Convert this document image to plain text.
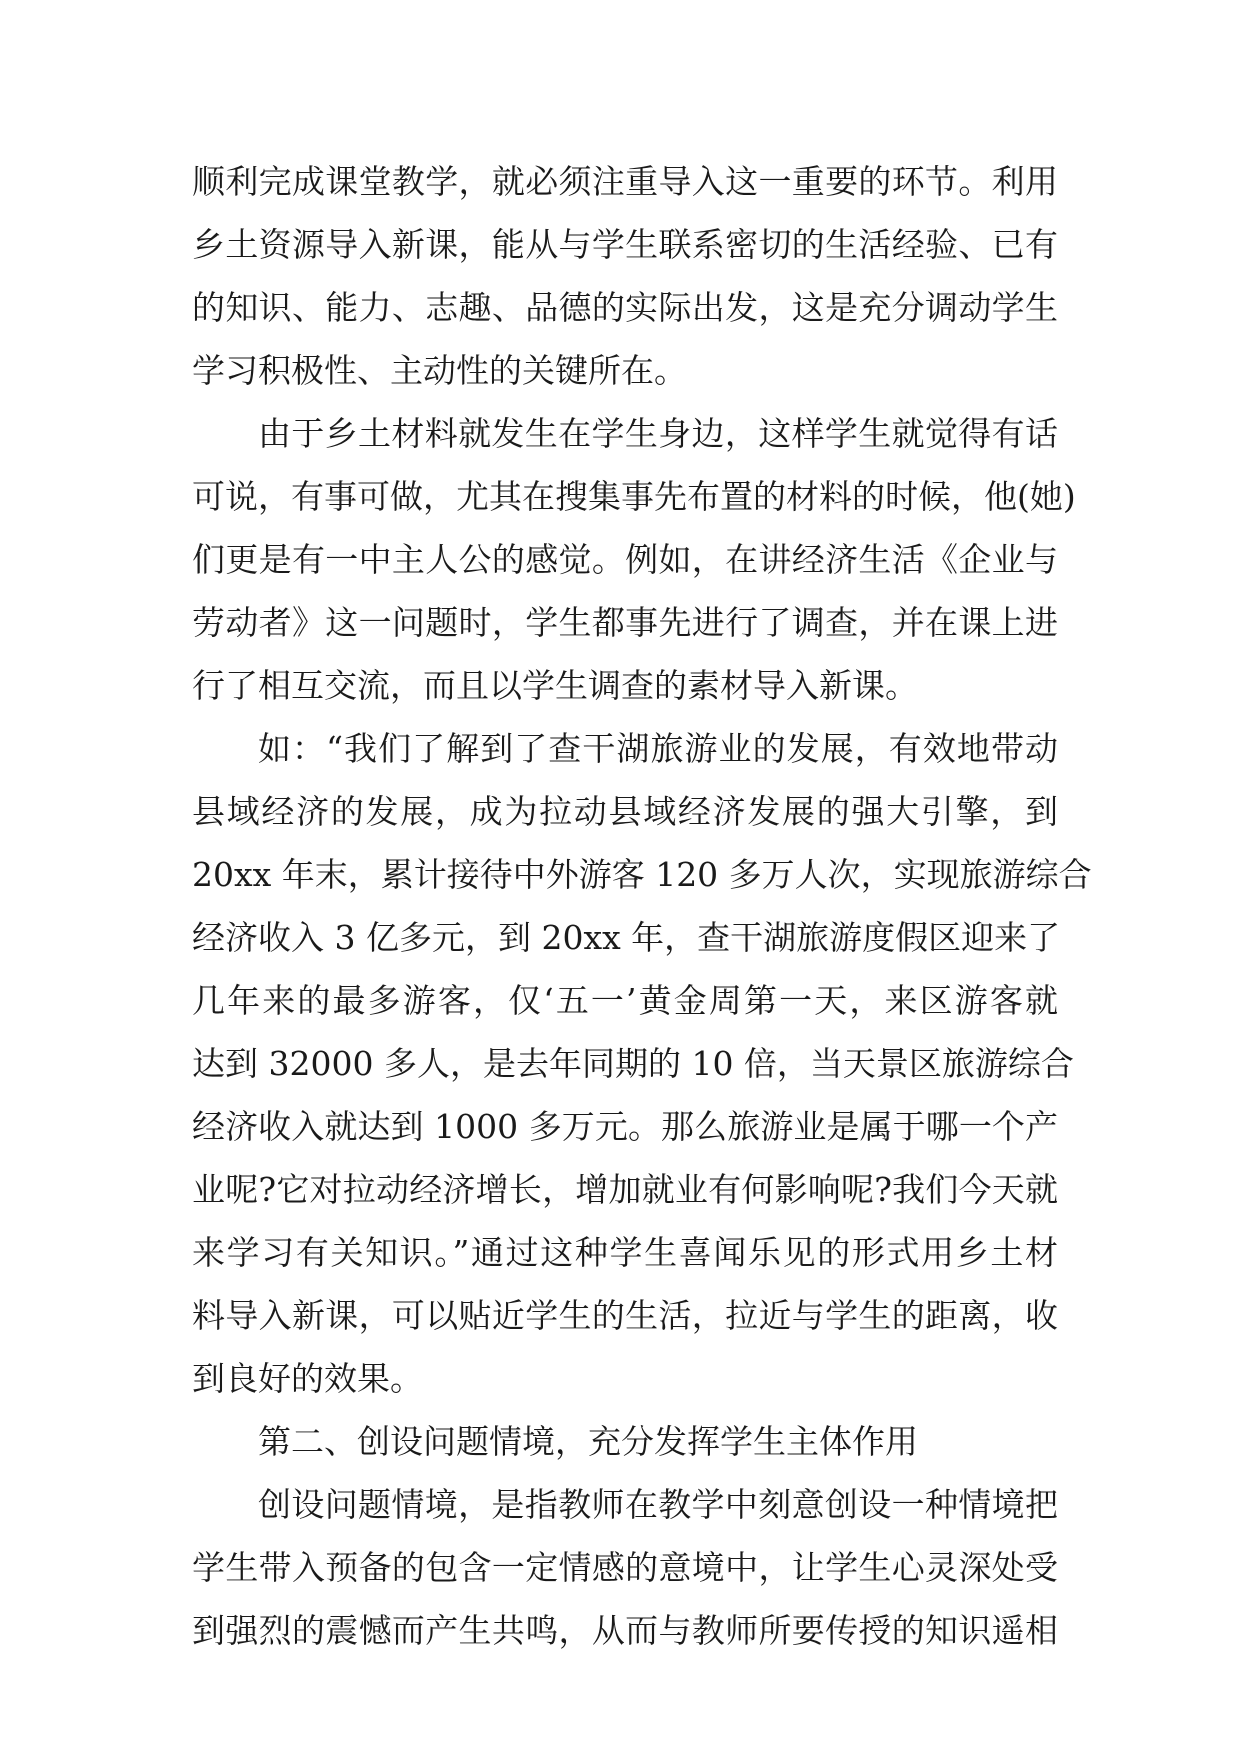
顺利完成课堂教学，就必须注重导入这一重要的环节。利用
乡土资源导入新课，能从与学生联系密切的生活经验、已有
的知识、能力、志趣、品德的实际出发，这是充分调动学生
学习积极性、主动性的关键所在。
由于乡土材料就发生在学生身边，这样学生就觉得有话
可说，有事可做，尤其在搜集事先布置的材料的时候，他(她)
们更是有一中主人公的感觉。例如，在讲经济生活《企业与
劳动者》这一问题时，学生都事先进行了调查，并在课上进
行了相互交流，而且以学生调查的素材导入新课。
如：“我们了解到了查干湖旅游业的发展，有效地带动
县域经济的发展，成为拉动县域经济发展的强大引擎，到
20xx 年末，累计接待中外游客 120 多万人次，实现旅游综合
经济收入 3 亿多元，到 20xx 年，查干湖旅游度假区迎来了
几年来的最多游客，仅‘五一’黄金周第一天，来区游客就
达到 32000 多人，是去年同期的 10 倍，当天景区旅游综合
经济收入就达到 1000 多万元。那么旅游业是属于哪一个产
业呢?它对拉动经济增长，增加就业有何影响呢?我们今天就
来学习有关知识。”通过这种学生喜闻乐见的形式用乡土材
料导入新课，可以贴近学生的生活，拉近与学生的距离，收
到良好的效果。
第二、创设问题情境，充分发挥学生主体作用
创设问题情境，是指教师在教学中刻意创设一种情境把
学生带入预备的包含一定情感的意境中，让学生心灵深处受
到强烈的震憾而产生共鸣，从而与教师所要传授的知识遥相
